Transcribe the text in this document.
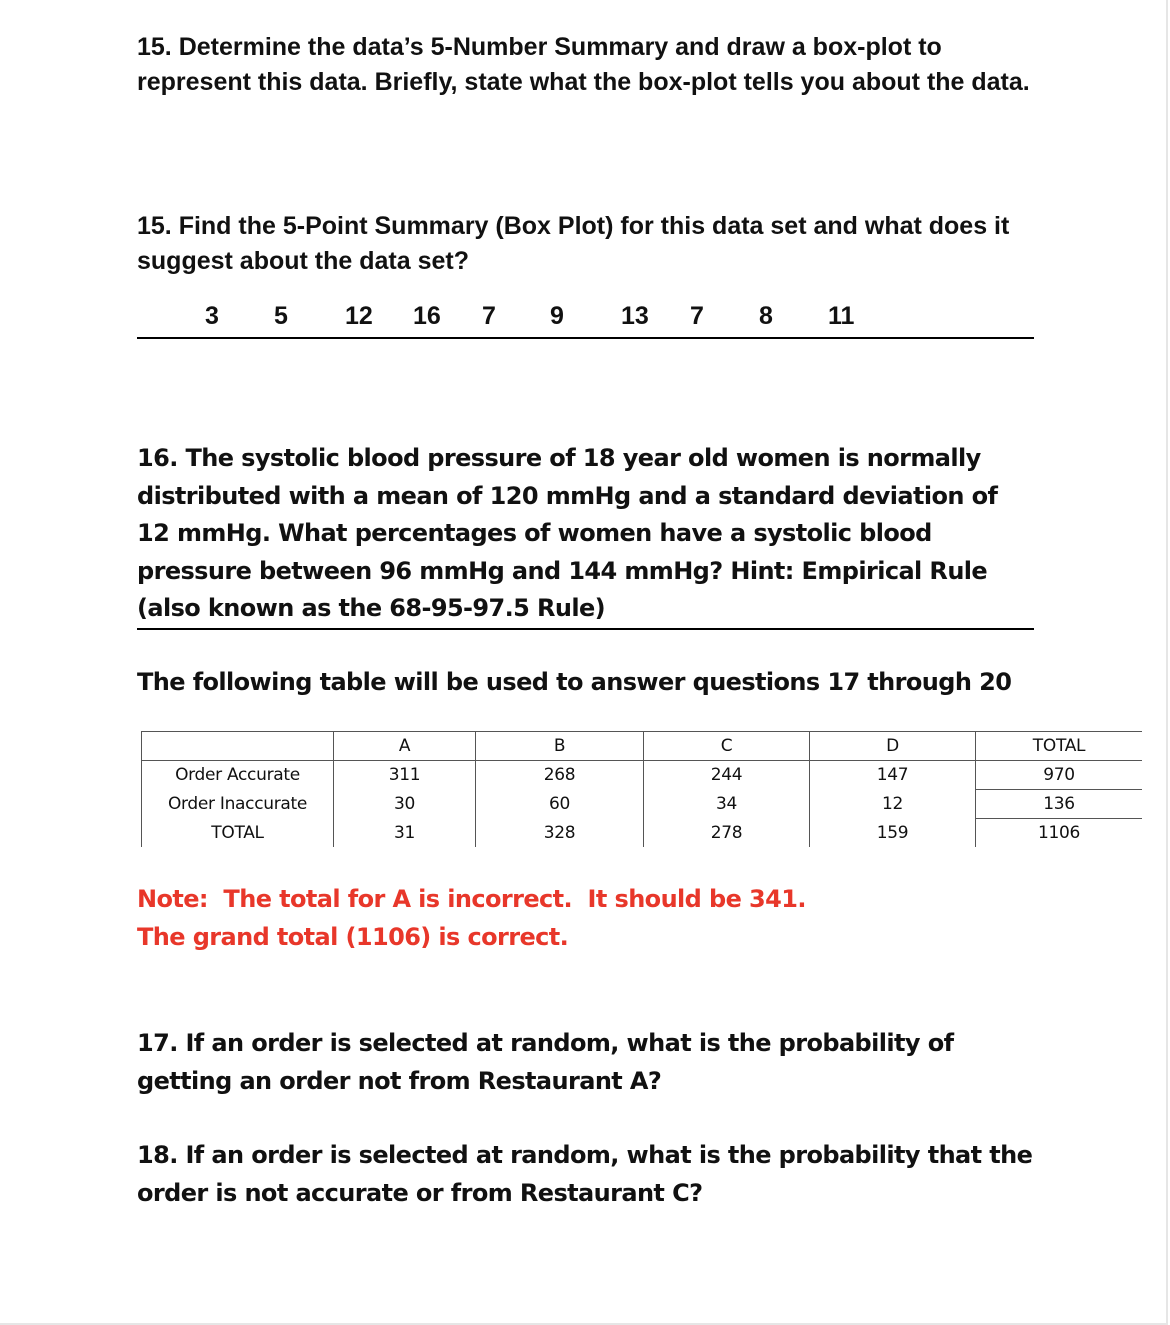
15. Determine the data’s 5-Number Summary and draw a box-plot to represent this data. Briefly, state what the box-plot tells you about the data.
15. Find the 5-Point Summary (Box Plot) for this data set and what does it suggest about the data set?
3 5 12 16 7 9 13 7 8 11
16. The systolic blood pressure of 18 year old women is normally distributed with a mean of 120 mmHg and a standard deviation of 12 mmHg. What percentages of women have a systolic blood pressure between 96 mmHg and 144 mmHg? Hint: Empirical Rule (also known as the 68-95-97.5 Rule)
The following table will be used to answer questions 17 through 20
	A	B	C	D	TOTAL
Order Accurate	311	268	244	147	970
Order Inaccurate	30	60	34	12	136
TOTAL	31	328	278	159	1106
Note:  The total for A is incorrect.  It should be 341.
The grand total (1106) is correct.
17. If an order is selected at random, what is the probability of getting an order not from Restaurant A?
18. If an order is selected at random, what is the probability that the order is not accurate or from Restaurant C?
